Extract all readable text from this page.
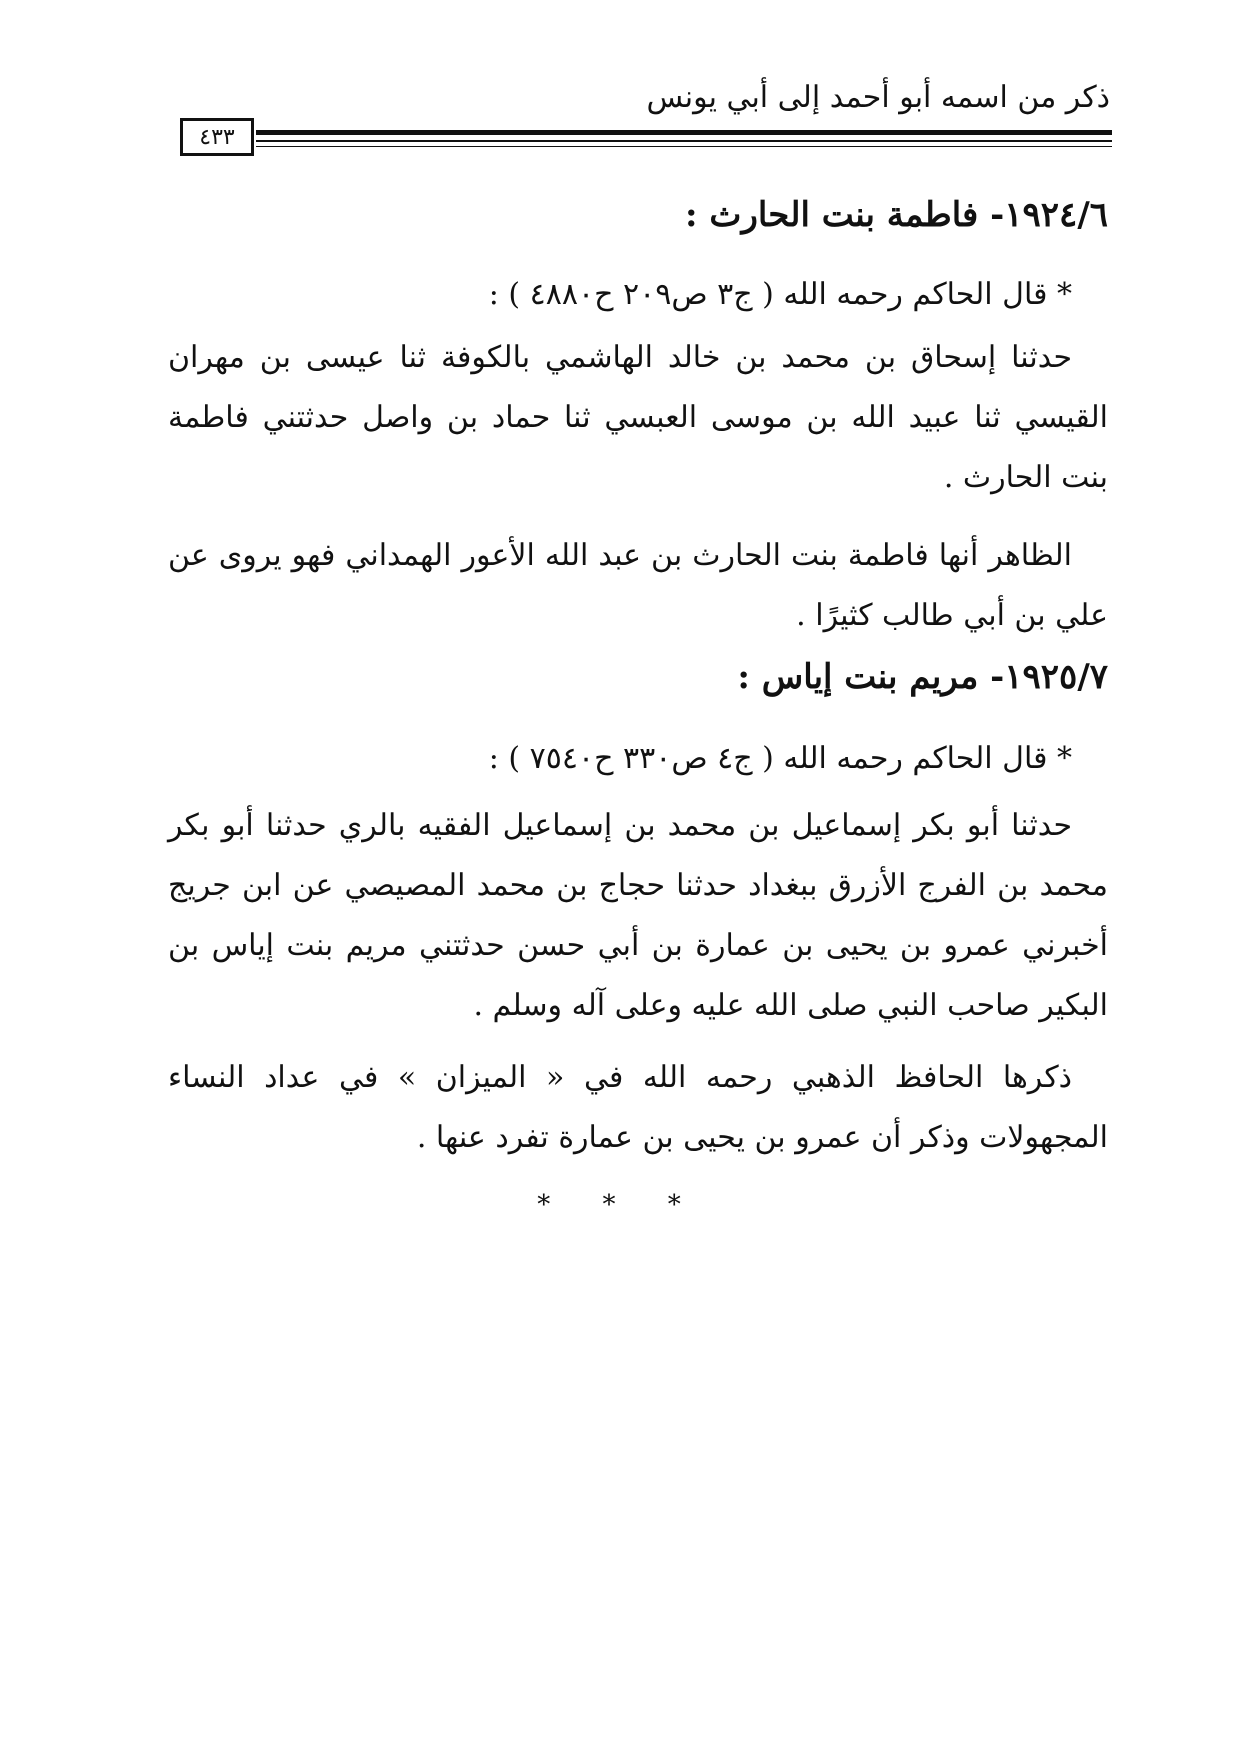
ذكر من اسمه أبو أحمد إلى أبي يونس
٤٣٣
١٩٢٤/٦- فاطمة بنت الحارث :
* قال الحاكم رحمه الله ( ج٣ ص٢٠٩ ح٤٨٨٠ ) :
حدثنا إسحاق بن محمد بن خالد الهاشمي بالكوفة ثنا عيسى بن مهران القيسي ثنا عبيد الله بن موسى العبسي ثنا حماد بن واصل حدثتني فاطمة بنت الحارث .
الظاهر أنها فاطمة بنت الحارث بن عبد الله الأعور الهمداني فهو يروى عن علي بن أبي طالب كثيرًا .
١٩٢٥/٧- مريم بنت إياس :
* قال الحاكم رحمه الله ( ج٤ ص٣٣٠ ح٧٥٤٠ ) :
حدثنا أبو بكر إسماعيل بن محمد بن إسماعيل الفقيه بالري حدثنا أبو بكر محمد بن الفرج الأزرق ببغداد حدثنا حجاج بن محمد المصيصي عن ابن جريج أخبرني عمرو بن يحيى بن عمارة بن أبي حسن حدثتني مريم بنت إياس بن البكير صاحب النبي صلى الله عليه وعلى آله وسلم .
ذكرها الحافظ الذهبي رحمه الله في « الميزان » في عداد النساء المجهولات وذكر أن عمرو بن يحيى بن عمارة تفرد عنها .
* * *
